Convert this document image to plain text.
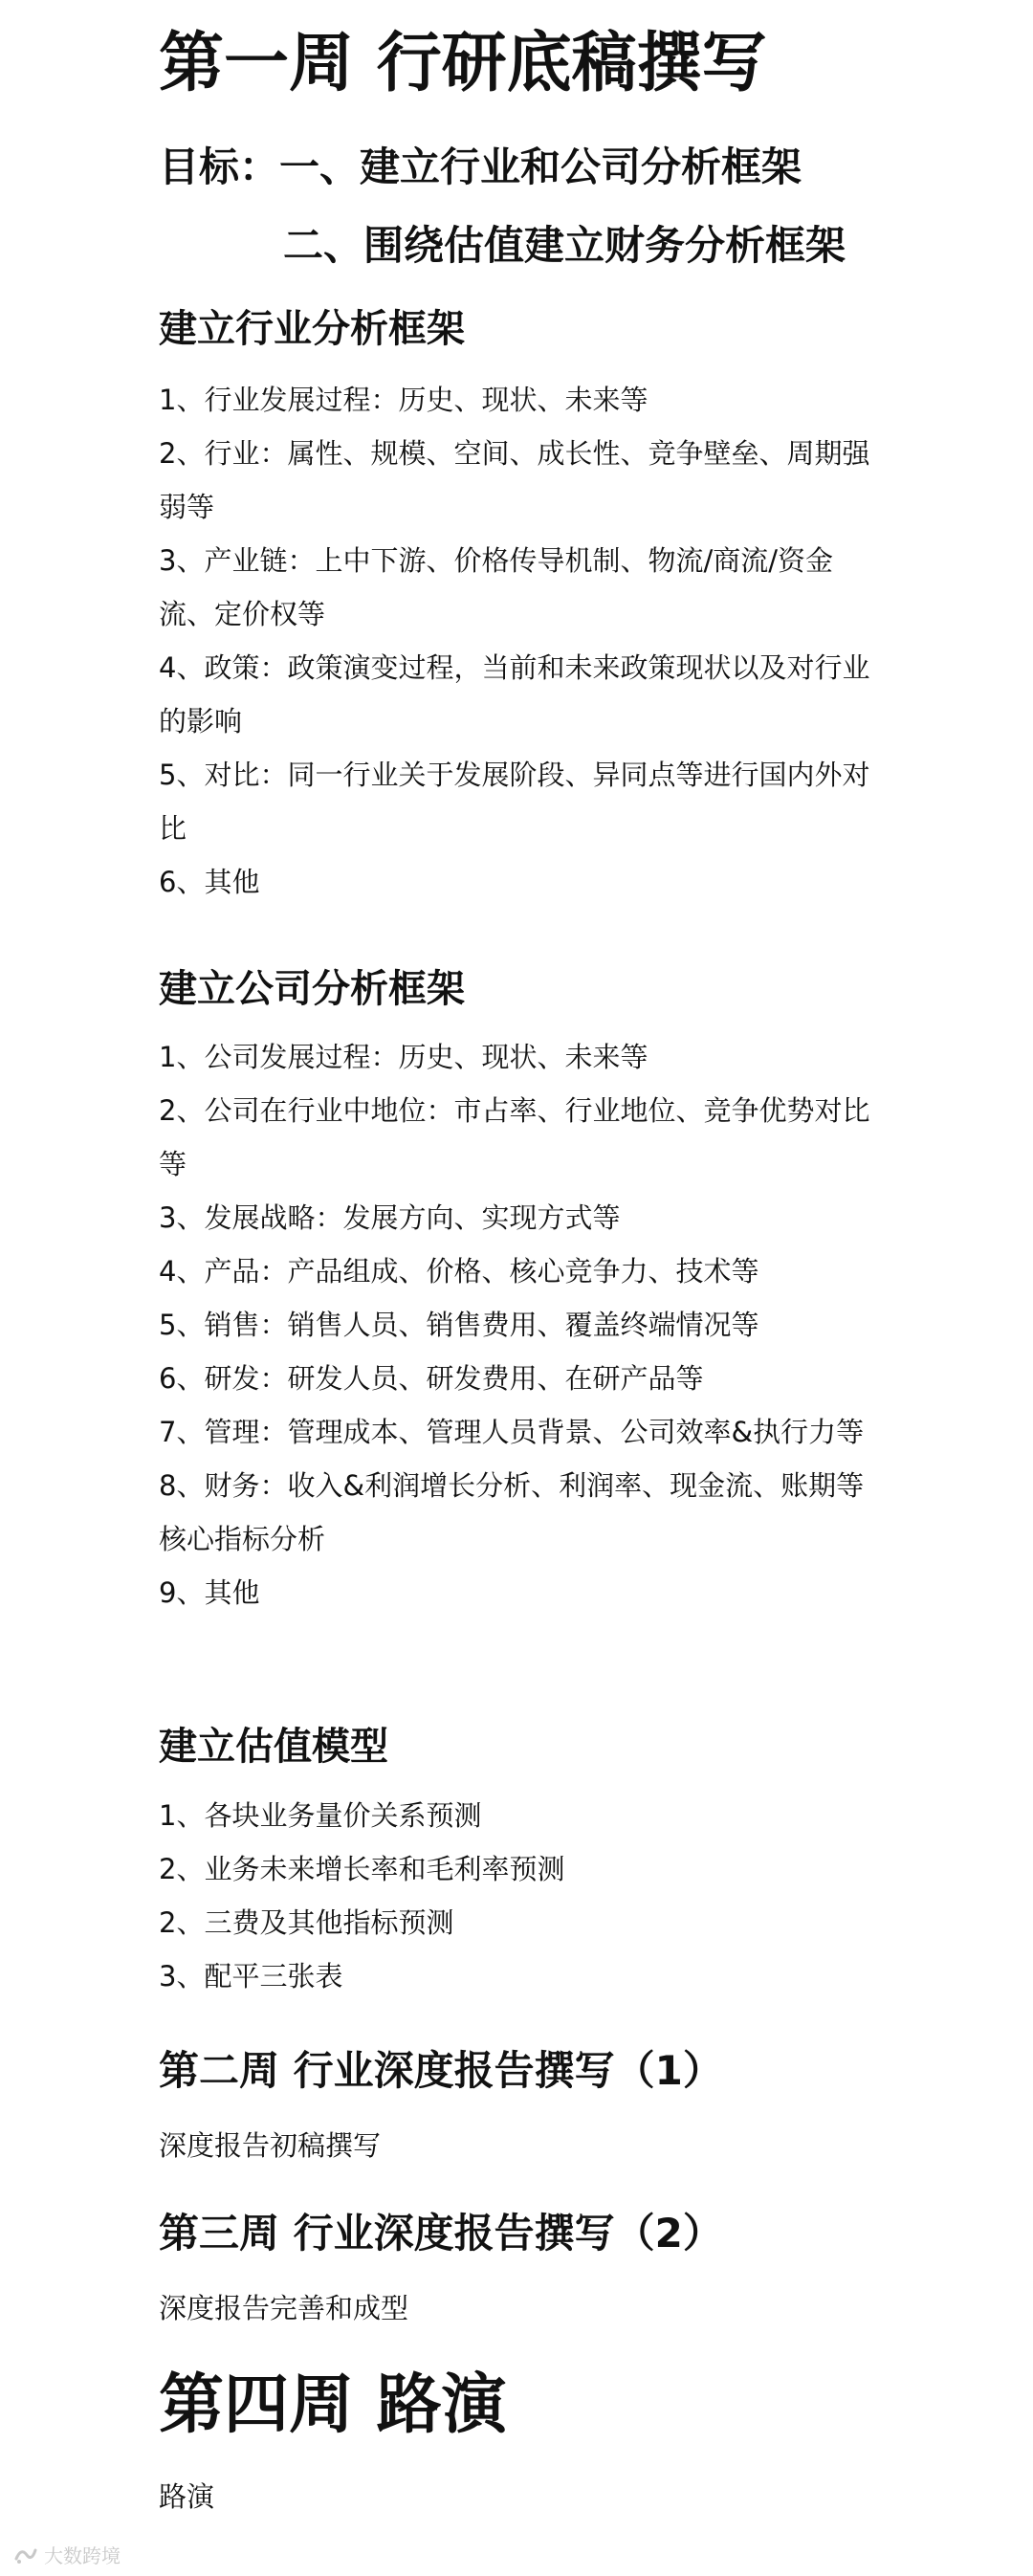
第一周 行研底稿撰写

目标：一、建立行业和公司分析框架

二、围绕估值建立财务分析框架

建立行业分析框架

1、行业发展过程：历史、现状、未来等

2、行业：属性、规模、空间、成长性、竞争壁垒、周期强弱等

3、产业链：上中下游、价格传导机制、物流/商流/资金流、定价权等

4、政策：政策演变过程，当前和未来政策现状以及对行业的影响

5、对比：同一行业关于发展阶段、异同点等进行国内外对比

6、其他

建立公司分析框架

1、公司发展过程：历史、现状、未来等

2、公司在行业中地位：市占率、行业地位、竞争优势对比等

3、发展战略：发展方向、实现方式等

4、产品：产品组成、价格、核心竞争力、技术等

5、销售：销售人员、销售费用、覆盖终端情况等

6、研发：研发人员、研发费用、在研产品等

7、管理：管理成本、管理人员背景、公司效率&执行力等

8、财务：收入&利润增长分析、利润率、现金流、账期等核心指标分析

9、其他

建立估值模型

1、各块业务量价关系预测

2、业务未来增长率和毛利率预测

2、三费及其他指标预测

3、配平三张表

第二周 行业深度报告撰写（1）

深度报告初稿撰写

第三周 行业深度报告撰写（2）

深度报告完善和成型

第四周 路演

路演

大数跨境
